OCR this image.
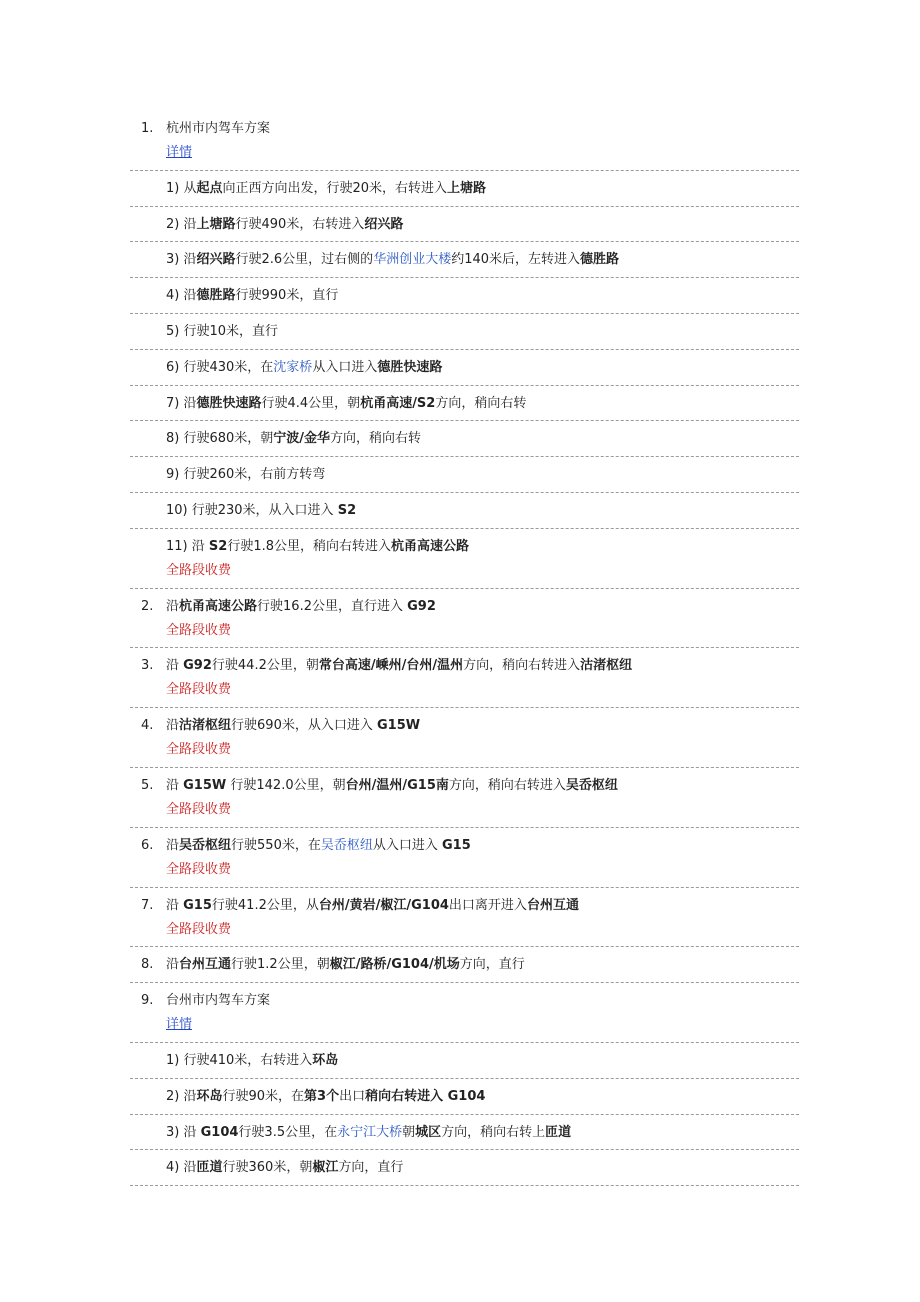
1. 杭州市内驾车方案
详情
1) 从起点向正西方向出发，行驶20米，右转进入上塘路
2) 沿上塘路行驶490米，右转进入绍兴路
3) 沿绍兴路行驶2.6公里，过右侧的华洲创业大楼约140米后，左转进入德胜路
4) 沿德胜路行驶990米，直行
5) 行驶10米，直行
6) 行驶430米，在沈家桥从入口进入德胜快速路
7) 沿德胜快速路行驶4.4公里，朝杭甬高速/S2方向，稍向右转
8) 行驶680米，朝宁波/金华方向，稍向右转
9) 行驶260米，右前方转弯
10) 行驶230米，从入口进入 S2
11) 沿 S2行驶1.8公里，稍向右转进入杭甬高速公路
全路段收费
2. 沿杭甬高速公路行驶16.2公里，直行进入 G92
全路段收费
3. 沿 G92行驶44.2公里，朝常台高速/嵊州/台州/温州方向，稍向右转进入沽渚枢纽
全路段收费
4. 沿沽渚枢纽行驶690米，从入口进入 G15W
全路段收费
5. 沿 G15W 行驶142.0公里，朝台州/温州/G15南方向，稍向右转进入吴岙枢纽
全路段收费
6. 沿吴岙枢纽行驶550米，在吴岙枢纽从入口进入 G15
全路段收费
7. 沿 G15行驶41.2公里，从台州/黄岩/椒江/G104出口离开进入台州互通
全路段收费
8. 沿台州互通行驶1.2公里，朝椒江/路桥/G104/机场方向，直行
9. 台州市内驾车方案
详情
1) 行驶410米，右转进入环岛
2) 沿环岛行驶90米，在第3个出口稍向右转进入 G104
3) 沿 G104行驶3.5公里，在永宁江大桥朝城区方向，稍向右转上匝道
4) 沿匝道行驶360米，朝椒江方向，直行
